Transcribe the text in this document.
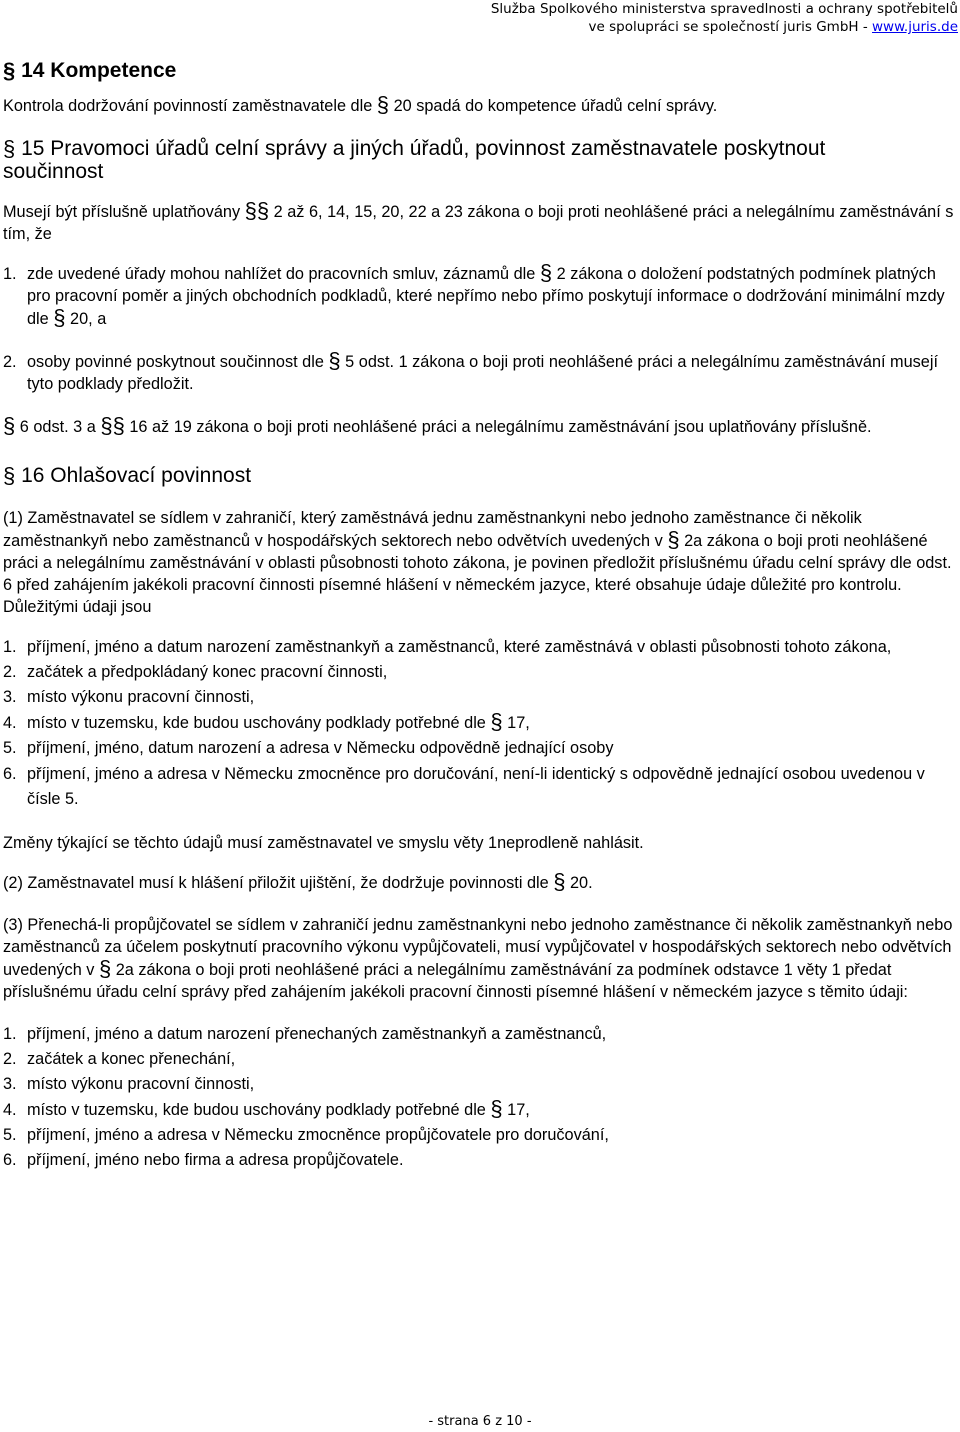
Služba Spolkového ministerstva spravedlnosti a ochrany spotřebitelů
ve spolupráci se společností juris GmbH - www.juris.de

§ 14 Kompetence

Kontrola dodržování povinností zaměstnavatele dle § 20 spadá do kompetence úřadů celní správy.

§ 15 Pravomoci úřadů celní správy a jiných úřadů, povinnost zaměstnavatele poskytnout
součinnost

Musejí být příslušně uplatňovány §§ 2 až 6, 14, 15, 20, 22 a 23 zákona o boji proti neohlášené práci a nelegálnímu zaměstnávání s tím, že

1. zde uvedené úřady mohou nahlížet do pracovních smluv, záznamů dle § 2 zákona o doložení podstatných podmínek platných pro pracovní poměr a jiných obchodních podkladů, které nepřímo nebo přímo poskytují informace o dodržování minimální mzdy dle § 20, a

2. osoby povinné poskytnout součinnost dle § 5 odst. 1 zákona o boji proti neohlášené práci a nelegálnímu zaměstnávání musejí tyto podklady předložit.

§ 6 odst. 3 a §§ 16 až 19 zákona o boji proti neohlášené práci a nelegálnímu zaměstnávání jsou uplatňovány příslušně.

§ 16 Ohlašovací povinnost

(1) Zaměstnavatel se sídlem v zahraničí, který zaměstnává jednu zaměstnankyni nebo jednoho zaměstnance či několik zaměstnankyň nebo zaměstnanců v hospodářských sektorech nebo odvětvích uvedených v § 2a zákona o boji proti neohlášené práci a nelegálnímu zaměstnávání v oblasti působnosti tohoto zákona, je povinen předložit příslušnému úřadu celní správy dle odst. 6 před zahájením jakékoli pracovní činnosti písemné hlášení v německém jazyce, které obsahuje údaje důležité pro kontrolu. Důležitými údaji jsou

1. příjmení, jméno a datum narození zaměstnankyň a zaměstnanců, které zaměstnává v oblasti působnosti tohoto zákona,

2. začátek a předpokládaný konec pracovní činnosti,

3. místo výkonu pracovní činnosti,

4. místo v tuzemsku, kde budou uschovány podklady potřebné dle § 17,

5. příjmení, jméno, datum narození a adresa v Německu odpovědně jednající osoby

6. příjmení, jméno a adresa v Německu zmocněnce pro doručování, není-li identický s odpovědně jednající osobou uvedenou v čísle 5.

Změny týkající se těchto údajů musí zaměstnavatel ve smyslu věty 1neprodleně nahlásit.

(2) Zaměstnavatel musí k hlášení přiložit ujištění, že dodržuje povinnosti dle § 20.

(3) Přenechá-li propůjčovatel se sídlem v zahraničí jednu zaměstnankyni nebo jednoho zaměstnance či několik zaměstnankyň nebo zaměstnanců za účelem poskytnutí pracovního výkonu vypůjčovateli, musí vypůjčovatel v hospodářských sektorech nebo odvětvích uvedených v § 2a zákona o boji proti neohlášené práci a nelegálnímu zaměstnávání za podmínek odstavce 1 věty 1 předat příslušnému úřadu celní správy před zahájením jakékoli pracovní činnosti písemné hlášení v německém jazyce s těmito údaji:

1. příjmení, jméno a datum narození přenechaných zaměstnankyň a zaměstnanců,

2. začátek a konec přenechání,

3. místo výkonu pracovní činnosti,

4. místo v tuzemsku, kde budou uschovány podklady potřebné dle § 17,

5. příjmení, jméno a adresa v Německu zmocněnce propůjčovatele pro doručování,

6. příjmení, jméno nebo firma a adresa propůjčovatele.

- strana 6 z 10 -
